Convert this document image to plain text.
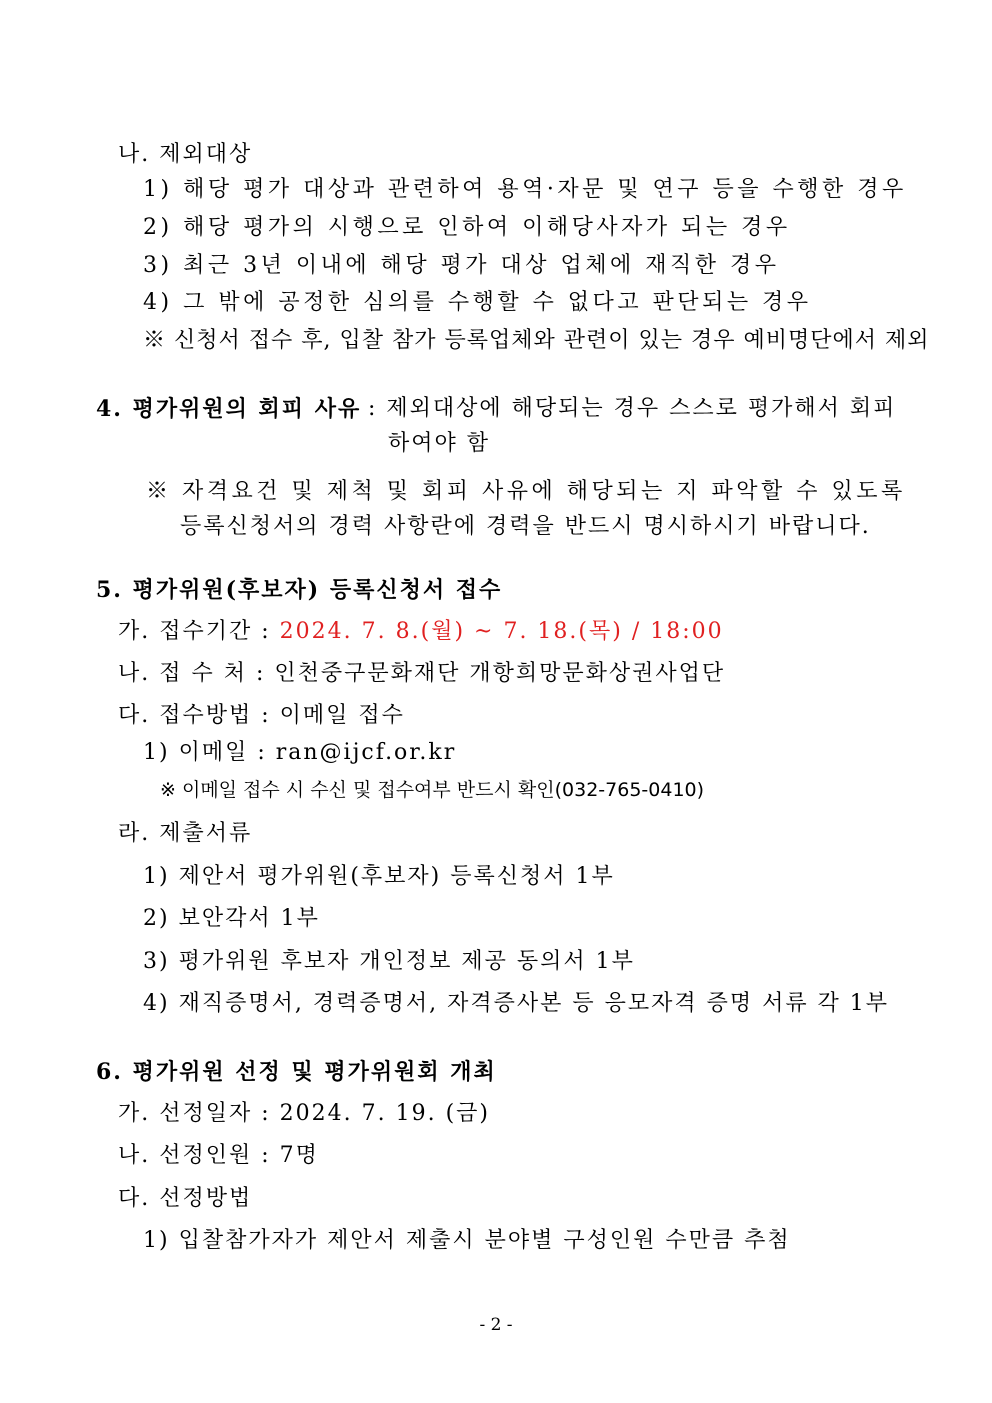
나. 제외대상
1) 해당 평가 대상과 관련하여 용역·자문 및 연구 등을 수행한 경우
2) 해당 평가의 시행으로 인하여 이해당사자가 되는 경우
3) 최근 3년 이내에 해당 평가 대상 업체에 재직한 경우
4) 그 밖에 공정한 심의를 수행할 수 없다고 판단되는 경우
※ 신청서 접수 후, 입찰 참가 등록업체와 관련이 있는 경우 예비명단에서 제외
4. 평가위원의 회피 사유 : 제외대상에 해당되는 경우 스스로 평가해서 회피
하여야 함
※ 자격요건 및 제척 및 회피 사유에 해당되는 지 파악할 수 있도록
등록신청서의 경력 사항란에 경력을 반드시 명시하시기 바랍니다.
5. 평가위원(후보자) 등록신청서 접수
가. 접수기간 : 2024. 7. 8.(월) ~ 7. 18.(목) / 18:00
나. 접 수 처 : 인천중구문화재단 개항희망문화상권사업단
다. 접수방법 : 이메일 접수
1) 이메일 : ran@ijcf.or.kr
※ 이메일 접수 시 수신 및 접수여부 반드시 확인(032-765-0410)
라. 제출서류
1) 제안서 평가위원(후보자) 등록신청서 1부
2) 보안각서 1부
3) 평가위원 후보자 개인정보 제공 동의서 1부
4) 재직증명서, 경력증명서, 자격증사본 등 응모자격 증명 서류 각 1부
6. 평가위원 선정 및 평가위원회 개최
가. 선정일자 : 2024. 7. 19. (금)
나. 선정인원 : 7명
다. 선정방법
1) 입찰참가자가 제안서 제출시 분야별 구성인원 수만큼 추첨
- 2 -
